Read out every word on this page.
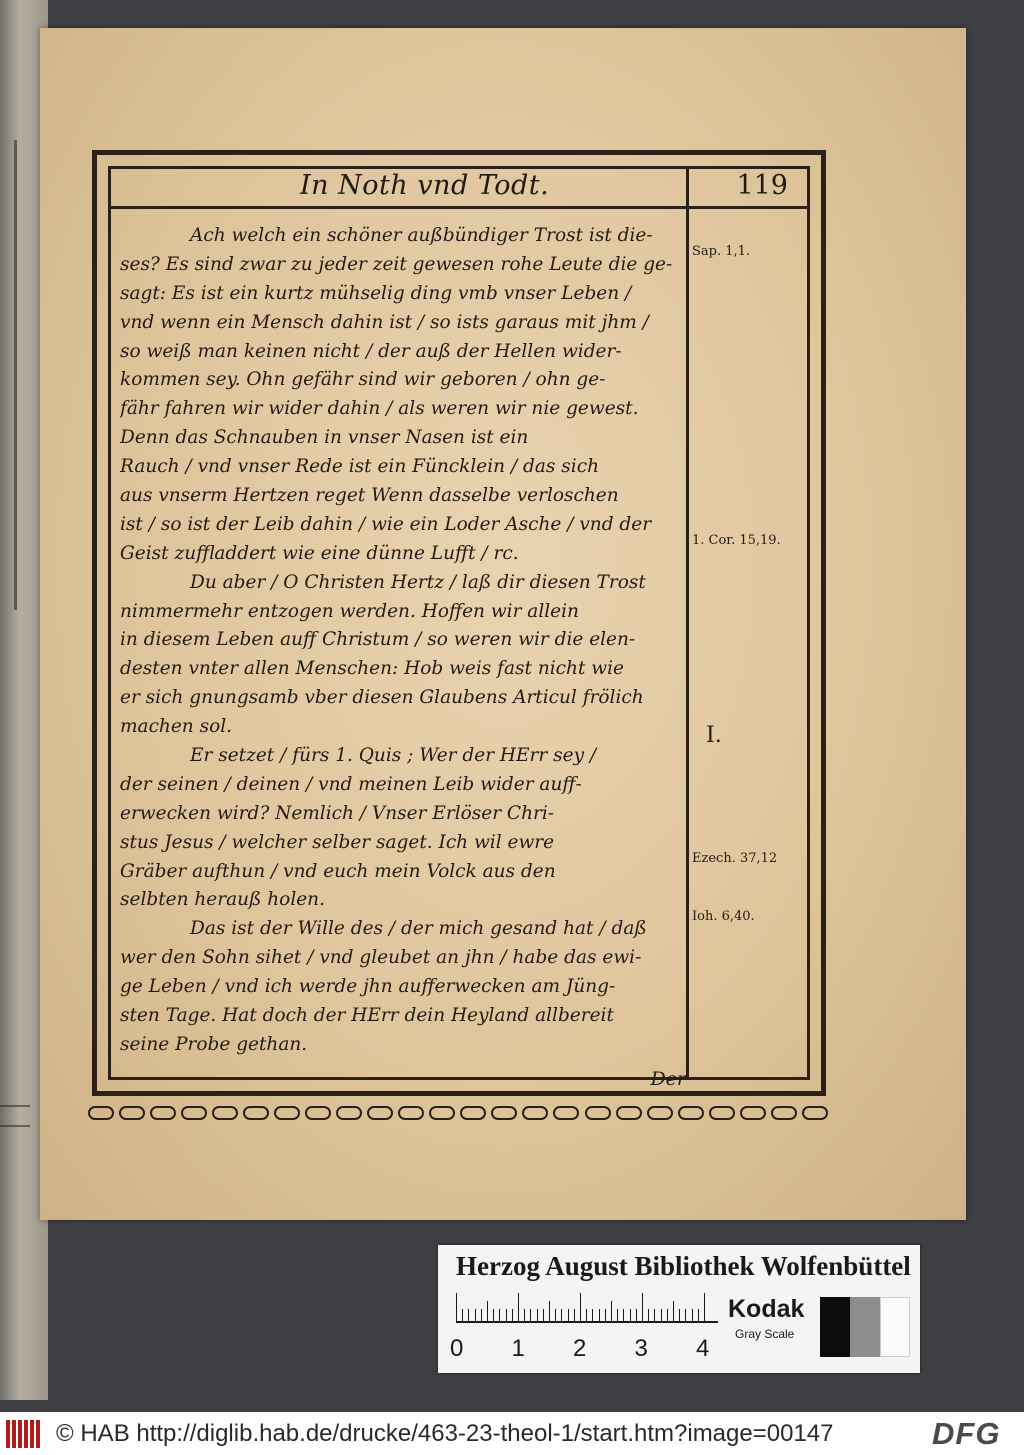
In Noth vnd Todt.	119
Ach welch ein schöner außbündiger Trost ist die-
ses? Es sind zwar zu jeder zeit gewesen rohe Leute die ge-
sagt: Es ist ein kurtz mühselig ding vmb vnser Leben /
vnd wenn ein Mensch dahin ist / so ists garaus mit jhm /
so weiß man keinen nicht / der auß der Hellen wider-
kommen sey. Ohn gefähr sind wir geboren / ohn ge-
fähr fahren wir wider dahin / als weren wir nie gewest.
Denn das Schnauben in vnser Nasen ist ein
Rauch / vnd vnser Rede ist ein Füncklein / das sich
aus vnserm Hertzen reget Wenn dasselbe verloschen
ist / so ist der Leib dahin / wie ein Loder Asche / vnd der
Geist zuffladdert wie eine dünne Lufft / rc.
Du aber / O Christen Hertz / laß dir diesen Trost
nimmermehr entzogen werden. Hoffen wir allein
in diesem Leben auff Christum / so weren wir die elen-
desten vnter allen Menschen: Hob weis fast nicht wie
er sich gnungsamb vber diesen Glaubens Articul frölich
machen sol.
Er setzet / fürs 1. Quis ; Wer der HErr sey /
der seinen / deinen / vnd meinen Leib wider auff-
erwecken wird? Nemlich / Vnser Erlöser Chri-
stus Jesus / welcher selber saget. Ich wil ewre
Gräber aufthun / vnd euch mein Volck aus den
selbten herauß holen.
Das ist der Wille des / der mich gesand hat / daß
wer den Sohn sihet / vnd gleubet an jhn / habe das ewi-
ge Leben / vnd ich werde jhn aufferwecken am Jüng-
sten Tage. Hat doch der HErr dein Heyland allbereit
seine Probe gethan.
Sap. 1,1.
1. Cor. 15,19.
I.
Ezech. 37,12
Ioh. 6,40.
Der
Herzog August Bibliothek Wolfenbüttel
0 1 2 3 4
Kodak
Gray Scale
© HAB http://diglib.hab.de/drucke/463-23-theol-1/start.htm?image=00147	DFG
